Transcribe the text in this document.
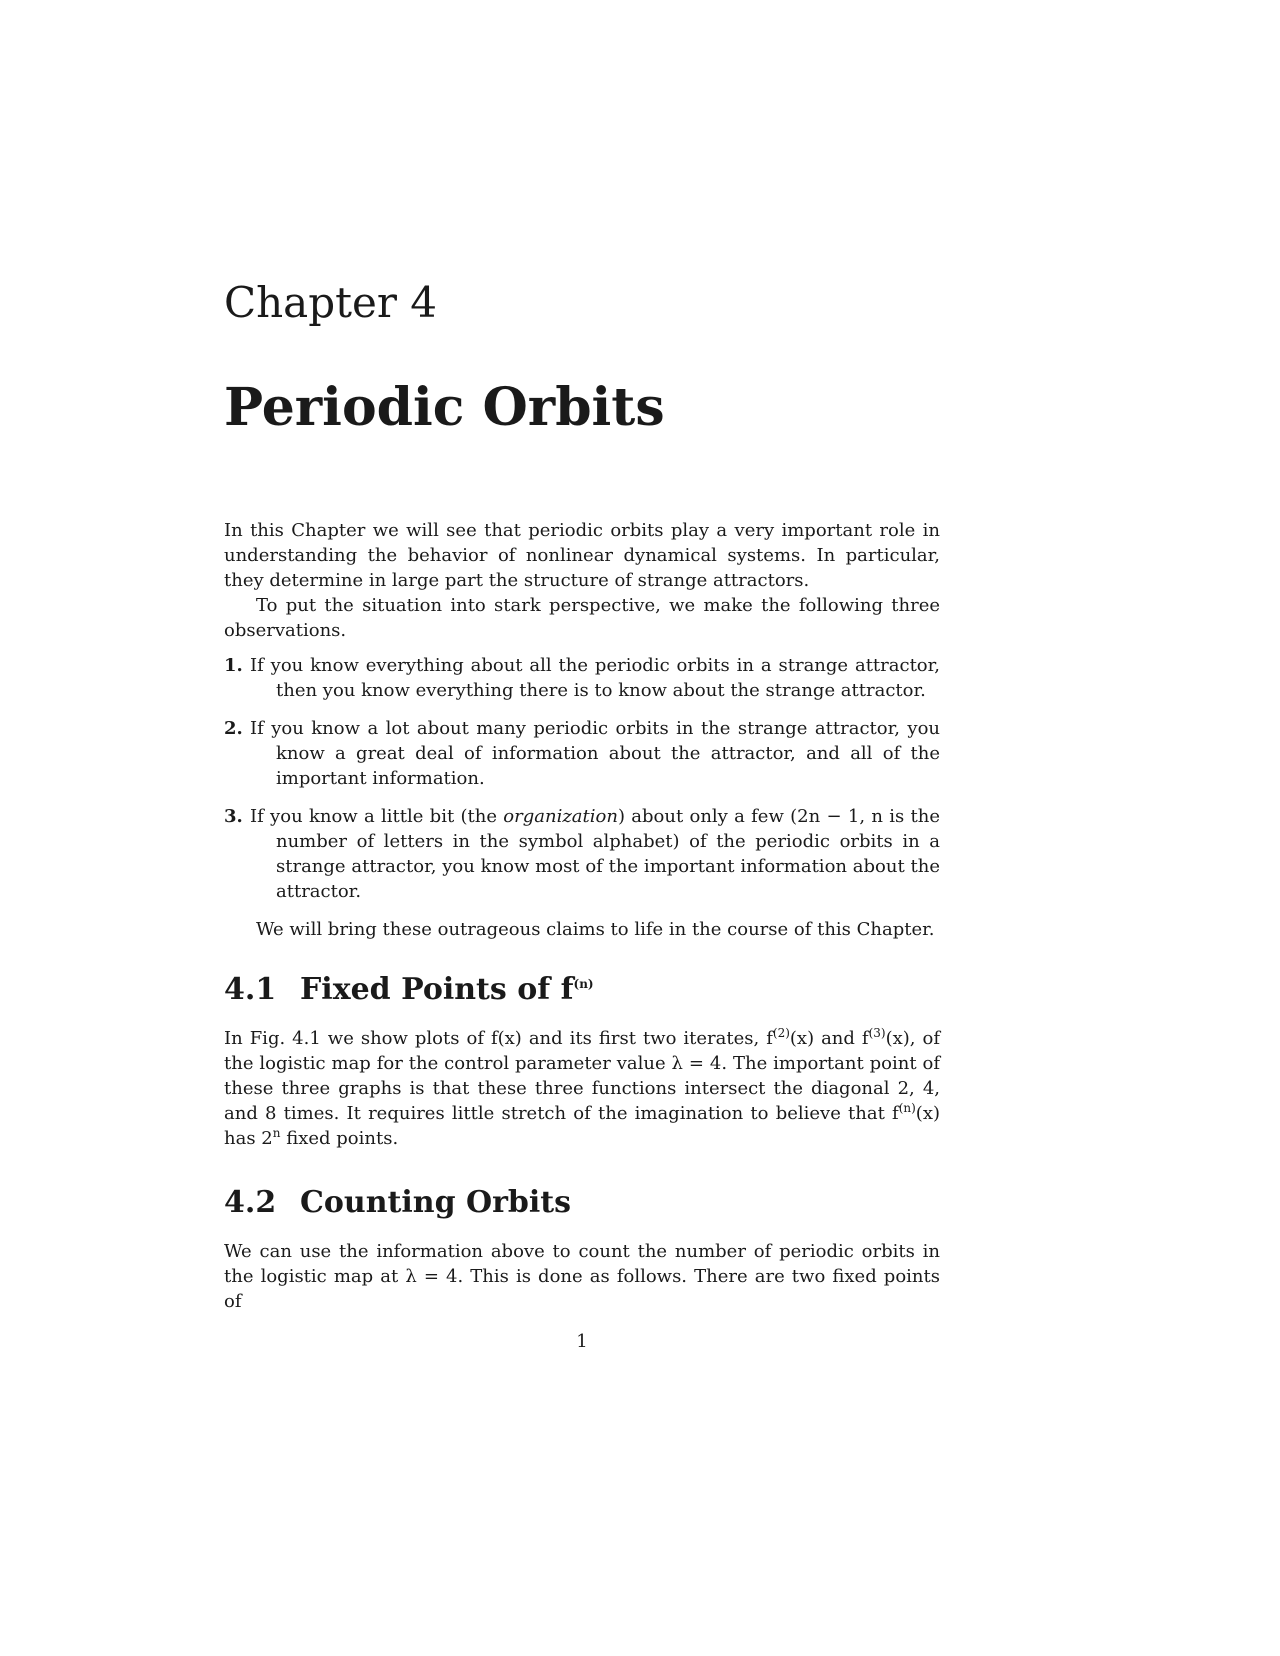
Chapter 4
Periodic Orbits

In this Chapter we will see that periodic orbits play a very important role in understanding the behavior of nonlinear dynamical systems. In particular, they determine in large part the structure of strange attractors.

To put the situation into stark perspective, we make the following three observations.

1. If you know everything about all the periodic orbits in a strange attractor, then you know everything there is to know about the strange attractor.
2. If you know a lot about many periodic orbits in the strange attractor, you know a great deal of information about the attractor, and all of the important information.
3. If you know a little bit (the organization) about only a few (2n − 1, n is the number of letters in the symbol alphabet) of the periodic orbits in a strange attractor, you know most of the important information about the attractor.

We will bring these outrageous claims to life in the course of this Chapter.

4.1 Fixed Points of $f^{(n)}$

In Fig. 4.1 we show plots of f(x) and its first two iterates, $f^{(2)}(x)$ and $f^{(3)}(x)$, of the logistic map for the control parameter value λ = 4. The important point of these three graphs is that these three functions intersect the diagonal 2, 4, and 8 times. It requires little stretch of the imagination to believe that $f^{(n)}(x)$ has 2$^n$ fixed points.

4.2 Counting Orbits

We can use the information above to count the number of periodic orbits in the logistic map at λ = 4. This is done as follows. There are two fixed points of

1
